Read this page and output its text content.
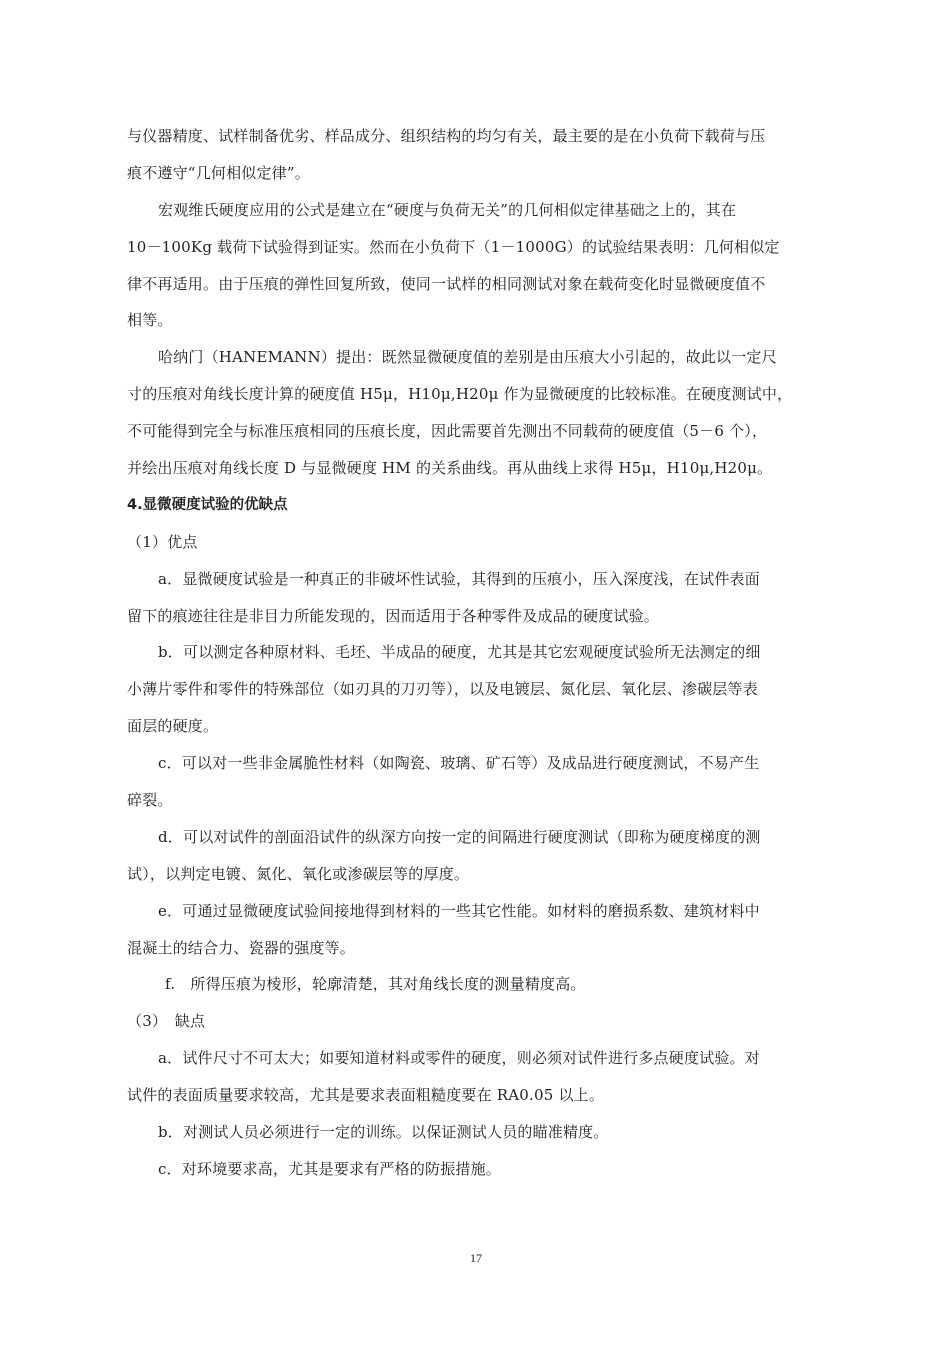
与仪器精度、试样制备优劣、样品成分、组织结构的均匀有关，最主要的是在小负荷下载荷与压
痕不遵守“几何相似定律”。
宏观维氏硬度应用的公式是建立在“硬度与负荷无关”的几何相似定律基础之上的，其在
10－100Kg 载荷下试验得到证实。然而在小负荷下（1－1000G）的试验结果表明：几何相似定
律不再适用。由于压痕的弹性回复所致，使同一试样的相同测试对象在载荷变化时显微硬度值不
相等。
哈纳门（HANEMANN）提出：既然显微硬度值的差别是由压痕大小引起的，故此以一定尺
寸的压痕对角线长度计算的硬度值 H5μ，H10μ,H20μ 作为显微硬度的比较标准。在硬度测试中，
不可能得到完全与标准压痕相同的压痕长度，因此需要首先测出不同载荷的硬度值（5－6 个），
并绘出压痕对角线长度 D 与显微硬度 HM 的关系曲线。再从曲线上求得 H5μ，H10μ,H20μ。
4.显微硬度试验的优缺点
（1）优点
a．显微硬度试验是一种真正的非破坏性试验，其得到的压痕小，压入深度浅，在试件表面
留下的痕迹往往是非目力所能发现的，因而适用于各种零件及成品的硬度试验。
b．可以测定各种原材料、毛坯、半成品的硬度，尤其是其它宏观硬度试验所无法测定的细
小薄片零件和零件的特殊部位（如刃具的刀刃等），以及电镀层、氮化层、氧化层、渗碳层等表
面层的硬度。
c．可以对一些非金属脆性材料（如陶瓷、玻璃、矿石等）及成品进行硬度测试，不易产生
碎裂。
d．可以对试件的剖面沿试件的纵深方向按一定的间隔进行硬度测试（即称为硬度梯度的测
试），以判定电镀、氮化、氧化或渗碳层等的厚度。
e．可通过显微硬度试验间接地得到材料的一些其它性能。如材料的磨损系数、建筑材料中
混凝土的结合力、瓷器的强度等。
f.　所得压痕为棱形，轮廓清楚，其对角线长度的测量精度高。
（3）　缺点
a．试件尺寸不可太大；如要知道材料或零件的硬度，则必须对试件进行多点硬度试验。对
试件的表面质量要求较高，尤其是要求表面粗糙度要在 RA0.05 以上。
b．对测试人员必须进行一定的训练。以保证测试人员的瞄准精度。
c．对环境要求高，尤其是要求有严格的防振措施。
17
